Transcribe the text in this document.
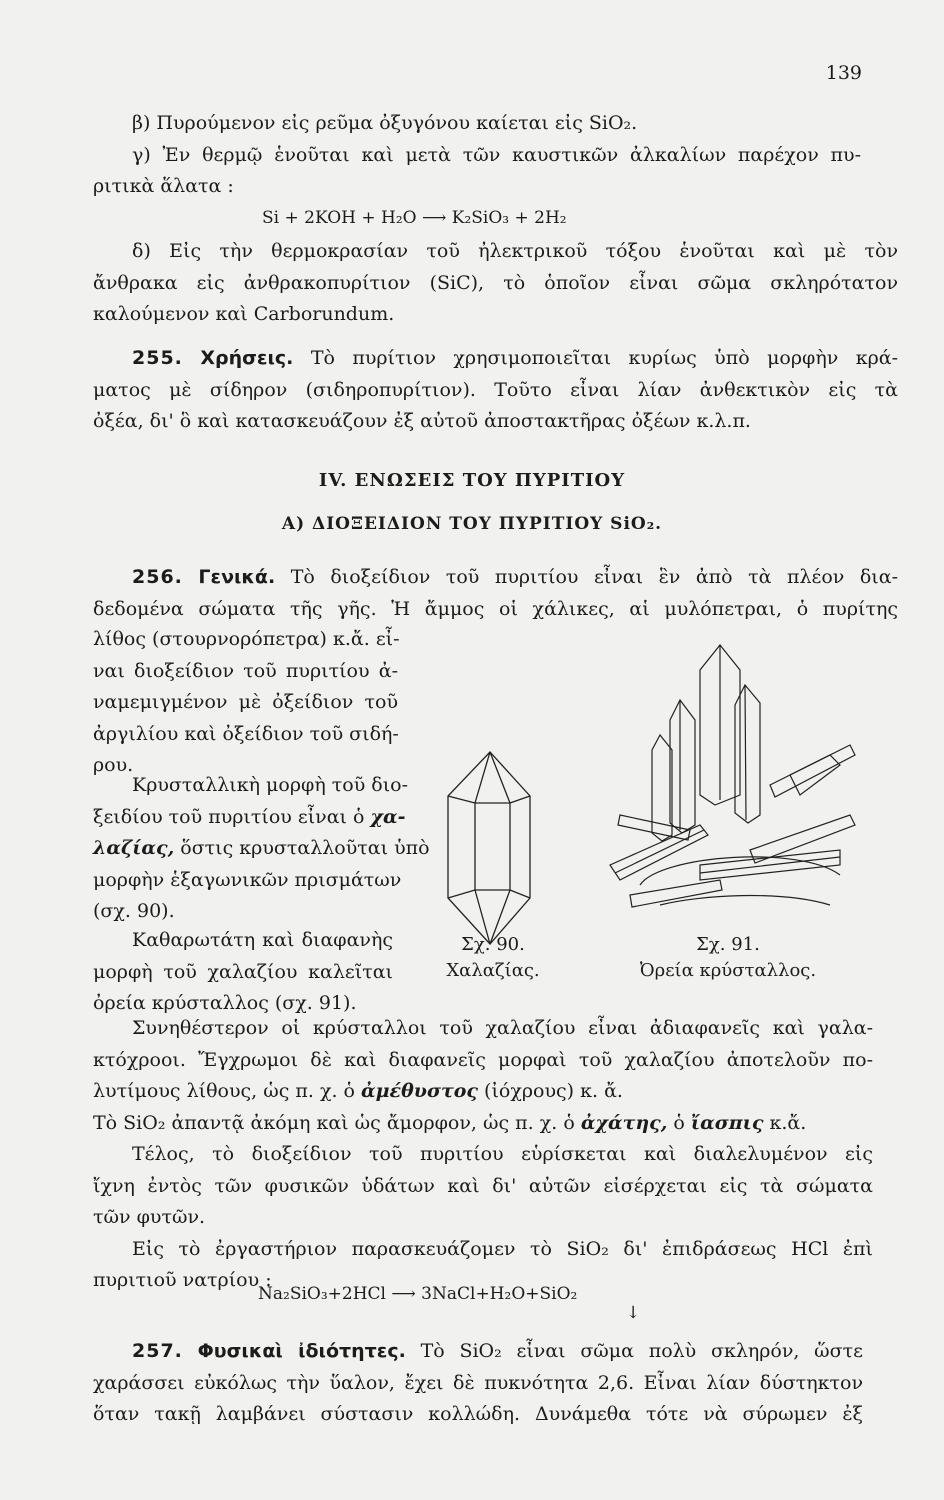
139
β) Πυρούμενον εἰς ρεῦμα ὀξυγόνου καίεται εἰς SiO₂.
γ) Ἐν θερμῷ ἑνοῦται καὶ μετὰ τῶν καυστικῶν ἀλκαλίων παρέχον πυ-
ριτικὰ ἅλατα :
Si + 2KOH + H₂O ⟶ K₂SiO₃ + 2H₂
δ) Εἰς τὴν θερμοκρασίαν τοῦ ἠλεκτρικοῦ τόξου ἑνοῦται καὶ μὲ τὸν
ἄνθρακα εἰς ἀνθρακοπυρίτιον (SiC), τὸ ὁποῖον εἶναι σῶμα σκληρότατον
καλούμενον καὶ Carborundum.
255. Χρήσεις. Τὸ πυρίτιον χρησιμοποιεῖται κυρίως ὑπὸ μορφὴν κρά-
ματος μὲ σίδηρον (σιδηροπυρίτιον). Τοῦτο εἶναι λίαν ἀνθεκτικὸν εἰς τὰ
ὀξέα, δι' ὃ καὶ κατασκευάζουν ἐξ αὐτοῦ ἀποστακτῆρας ὀξέων κ.λ.π.
IV. ΕΝΩΣΕΙΣ ΤΟΥ ΠΥΡΙΤΙΟΥ
Α) ΔΙΟΞΕΙΔΙΟΝ ΤΟΥ ΠΥΡΙΤΙΟΥ SiO₂.
256. Γενικά. Τὸ διοξείδιον τοῦ πυριτίου εἶναι ἓν ἀπὸ τὰ πλέον δια-
δεδομένα σώματα τῆς γῆς. Ἡ ἄμμος οἱ χάλικες, αἱ μυλόπετραι, ὁ πυρίτης
λίθος (στουρνορόπετρα) κ.ἄ. εἶ-
ναι διοξείδιον τοῦ πυριτίου ἀ-
ναμεμιγμένον μὲ ὀξείδιον τοῦ
ἀργιλίου καὶ ὀξείδιον τοῦ σιδή-
ρου.
Κρυσταλλικὴ μορφὴ τοῦ διο-
ξειδίου τοῦ πυριτίου εἶναι ὁ χα-
λαζίας, ὅστις κρυσταλλοῦται ὑπὸ
μορφὴν ἑξαγωνικῶν πρισμάτων
(σχ. 90).
Καθαρωτάτη καὶ διαφανὴς
μορφὴ τοῦ χαλαζίου καλεῖται
ὀρεία κρύσταλλος (σχ. 91).
Συνηθέστερον οἱ κρύσταλλοι τοῦ χαλαζίου εἶναι ἀδιαφανεῖς καὶ γαλα-
κτόχροοι. Ἔγχρωμοι δὲ καὶ διαφανεῖς μορφαὶ τοῦ χαλαζίου ἀποτελοῦν πο-
λυτίμους λίθους, ὡς π. χ. ὁ ἀμέθυστος (ἰόχρους) κ. ἄ.
Τὸ SiO₂ ἀπαντᾷ ἀκόμη καὶ ὡς ἄμορφον, ὡς π. χ. ὁ ἀχάτης, ὁ ἴασπις κ.ἄ.
Τέλος, τὸ διοξείδιον τοῦ πυριτίου εὑρίσκεται καὶ διαλελυμένον εἰς
ἴχνη ἐντὸς τῶν φυσικῶν ὑδάτων καὶ δι' αὐτῶν εἰσέρχεται εἰς τὰ σώματα
τῶν φυτῶν.
Εἰς τὸ ἐργαστήριον παρασκευάζομεν τὸ SiO₂ δι' ἐπιδράσεως HCl ἐπὶ
πυριτιοῦ νατρίου :
Na₂SiO₃+2HCl ⟶ 3NaCl+H₂O+SiO₂
↓
Σχ. 90.
Χαλαζίας.
Σχ. 91.
Ὀρεία κρύσταλλος.
257. Φυσικαὶ ἰδιότητες. Τὸ SiO₂ εἶναι σῶμα πολὺ σκληρόν, ὥστε
χαράσσει εὐκόλως τὴν ὕαλον, ἔχει δὲ πυκνότητα 2,6. Εἶναι λίαν δύστηκτον
ὅταν τακῇ λαμβάνει σύστασιν κολλώδη. Δυνάμεθα τότε νὰ σύρωμεν ἐξ
